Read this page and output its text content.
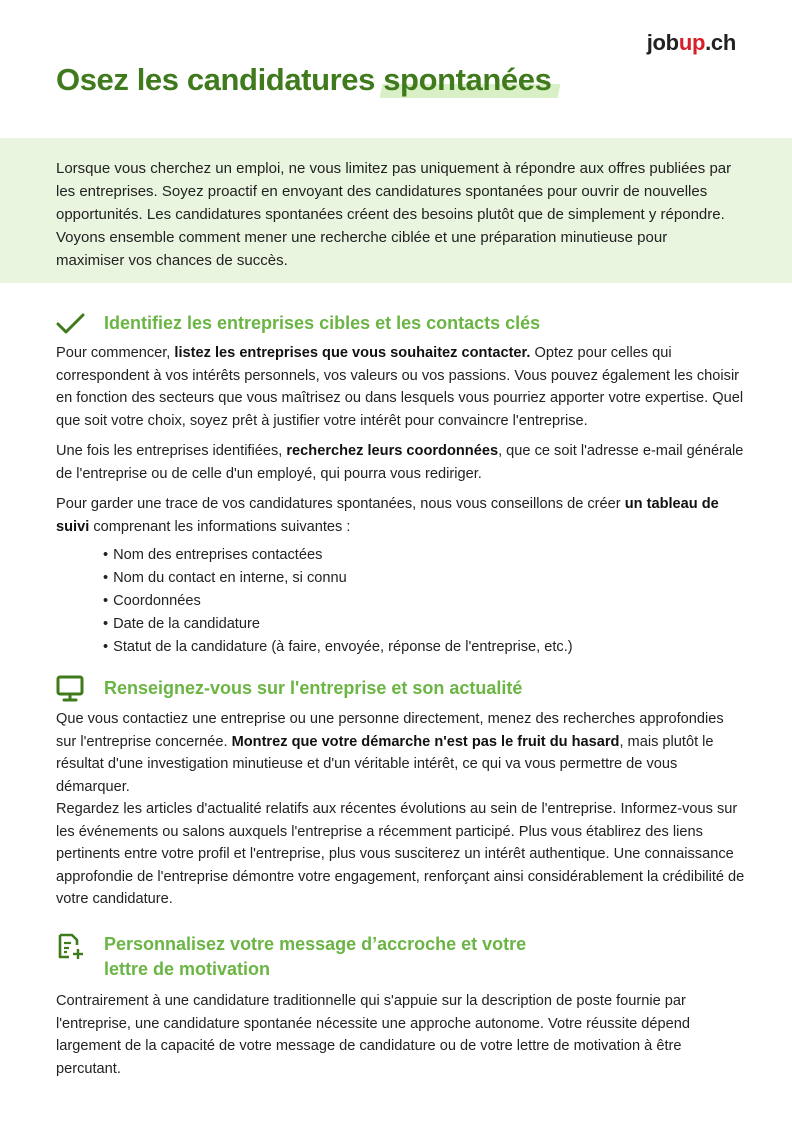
jobup.ch
Osez les candidatures spontanées

Lorsque vous cherchez un emploi, ne vous limitez pas uniquement à répondre aux offres publiées par les entreprises. Soyez proactif en envoyant des candidatures spontanées pour ouvrir de nouvelles opportunités. Les candidatures spontanées créent des besoins plutôt que de simplement y répondre. Voyons ensemble comment mener une recherche ciblée et une préparation minutieuse pour maximiser vos chances de succès.

Identifiez les entreprises cibles et les contacts clés

Pour commencer, listez les entreprises que vous souhaitez contacter. Optez pour celles qui correspondent à vos intérêts personnels, vos valeurs ou vos passions. Vous pouvez également les choisir en fonction des secteurs que vous maîtrisez ou dans lesquels vous pourriez apporter votre expertise. Quel que soit votre choix, soyez prêt à justifier votre intérêt pour convaincre l'entreprise.

Une fois les entreprises identifiées, recherchez leurs coordonnées, que ce soit l'adresse e-mail générale de l'entreprise ou de celle d'un employé, qui pourra vous rediriger.

Pour garder une trace de vos candidatures spontanées, nous vous conseillons de créer un tableau de suivi comprenant les informations suivantes :

• Nom des entreprises contactées
• Nom du contact en interne, si connu
• Coordonnées
• Date de la candidature
• Statut de la candidature (à faire, envoyée, réponse de l'entreprise, etc.)
Renseignez-vous sur l'entreprise et son actualité

Que vous contactiez une entreprise ou une personne directement, menez des recherches approfondies sur l'entreprise concernée. Montrez que votre démarche n'est pas le fruit du hasard, mais plutôt le résultat d'une investigation minutieuse et d'un véritable intérêt, ce qui va vous permettre de vous démarquer.

Regardez les articles d'actualité relatifs aux récentes évolutions au sein de l'entreprise. Informez-vous sur les événements ou salons auxquels l'entreprise a récemment participé. Plus vous établirez des liens pertinents entre votre profil et l'entreprise, plus vous susciterez un intérêt authentique. Une connaissance approfondie de l'entreprise démontre votre engagement, renforçant ainsi considérablement la crédibilité de votre candidature.

Personnalisez votre message d’accroche et votre
lettre de motivation

Contrairement à une candidature traditionnelle qui s'appuie sur la description de poste fournie par l'entreprise, une candidature spontanée nécessite une approche autonome. Votre réussite dépend largement de la capacité de votre message de candidature ou de votre lettre de motivation à être percutant.
